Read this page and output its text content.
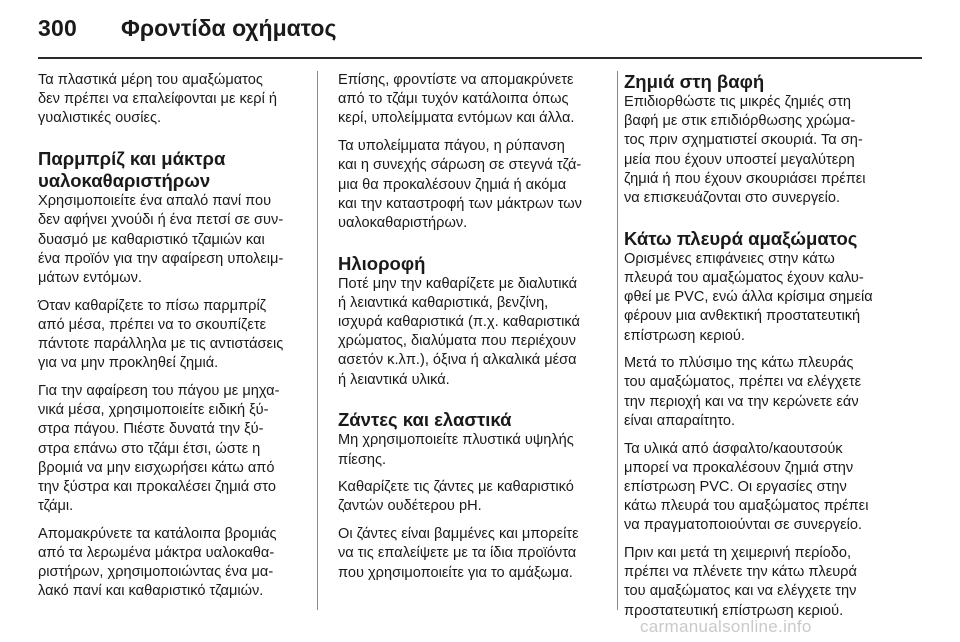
300 Φροντίδα οχήματος

Τα πλαστικά μέρη του αμαξώματος
δεν πρέπει να επαλείφονται με κερί ή
γυαλιστικές ουσίες.

Παρμπρίζ και μάκτρα
υαλοκαθαριστήρων

Χρησιμοποιείτε ένα απαλό πανί που
δεν αφήνει χνούδι ή ένα πετσί σε συν-
δυασμό με καθαριστικό τζαμιών και
ένα προϊόν για την αφαίρεση υπολειμ-
μάτων εντόμων.

Όταν καθαρίζετε το πίσω παρμπρίζ
από μέσα, πρέπει να το σκουπίζετε
πάντοτε παράλληλα με τις αντιστάσεις
για να μην προκληθεί ζημιά.

Για την αφαίρεση του πάγου με μηχα-
νικά μέσα, χρησιμοποιείτε ειδική ξύ-
στρα πάγου. Πιέστε δυνατά την ξύ-
στρα επάνω στο τζάμι έτσι, ώστε η
βρομιά να μην εισχωρήσει κάτω από
την ξύστρα και προκαλέσει ζημιά στο
τζάμι.

Απομακρύνετε τα κατάλοιπα βρομιάς
από τα λερωμένα μάκτρα υαλοκαθα-
ριστήρων, χρησιμοποιώντας ένα μα-
λακό πανί και καθαριστικό τζαμιών.

Επίσης, φροντίστε να απομακρύνετε
από το τζάμι τυχόν κατάλοιπα όπως
κερί, υπολείμματα εντόμων και άλλα.

Τα υπολείμματα πάγου, η ρύπανση
και η συνεχής σάρωση σε στεγνά τζά-
μια θα προκαλέσουν ζημιά ή ακόμα
και την καταστροφή των μάκτρων των
υαλοκαθαριστήρων.

Ηλιοροφή

Ποτέ μην την καθαρίζετε με διαλυτικά
ή λειαντικά καθαριστικά, βενζίνη,
ισχυρά καθαριστικά (π.χ. καθαριστικά
χρώματος, διαλύματα που περιέχουν
ασετόν κ.λπ.), όξινα ή αλκαλικά μέσα
ή λειαντικά υλικά.

Ζάντες και ελαστικά

Μη χρησιμοποιείτε πλυστικά υψηλής
πίεσης.

Καθαρίζετε τις ζάντες με καθαριστικό
ζαντών ουδέτερου pH.

Οι ζάντες είναι βαμμένες και μπορείτε
να τις επαλείψετε με τα ίδια προϊόντα
που χρησιμοποιείτε για το αμάξωμα.

Ζημιά στη βαφή

Επιδιορθώστε τις μικρές ζημιές στη
βαφή με στικ επιδιόρθωσης χρώμα-
τος πριν σχηματιστεί σκουριά. Τα ση-
μεία που έχουν υποστεί μεγαλύτερη
ζημιά ή που έχουν σκουριάσει πρέπει
να επισκευάζονται στο συνεργείο.

Κάτω πλευρά αμαξώματος

Ορισμένες επιφάνειες στην κάτω
πλευρά του αμαξώματος έχουν καλυ-
φθεί με PVC, ενώ άλλα κρίσιμα σημεία
φέρουν μια ανθεκτική προστατευτική
επίστρωση κεριού.

Μετά το πλύσιμο της κάτω πλευράς
του αμαξώματος, πρέπει να ελέγχετε
την περιοχή και να την κερώνετε εάν
είναι απαραίτητο.

Τα υλικά από άσφαλτο/καουτσούκ
μπορεί να προκαλέσουν ζημιά στην
επίστρωση PVC. Οι εργασίες στην
κάτω πλευρά του αμαξώματος πρέπει
να πραγματοποιούνται σε συνεργείο.

Πριν και μετά τη χειμερινή περίοδο,
πρέπει να πλένετε την κάτω πλευρά
του αμαξώματος και να ελέγχετε την
προστατευτική επίστρωση κεριού.

carmanualsonline.info
